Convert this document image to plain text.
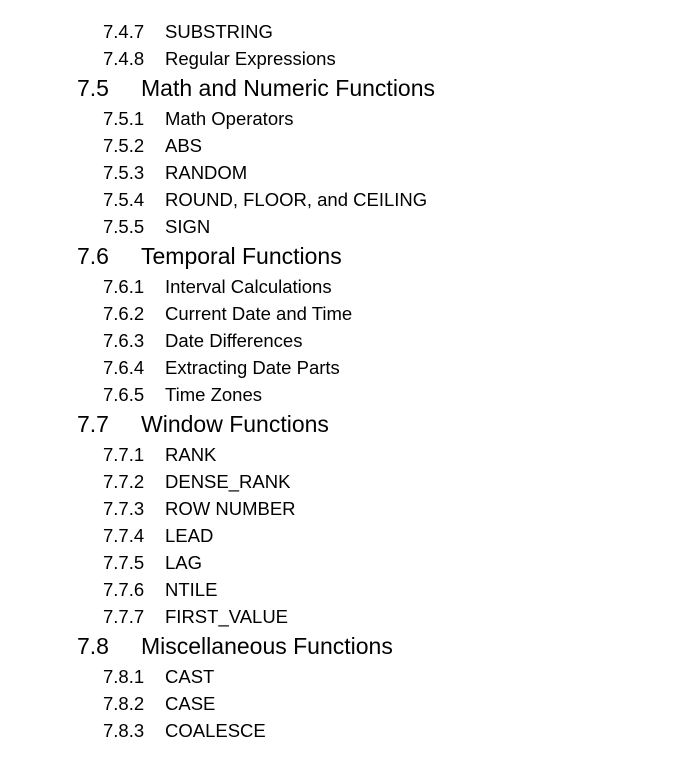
7.4.7	SUBSTRING
7.4.8	Regular Expressions
7.5	Math and Numeric Functions
7.5.1	Math Operators
7.5.2	ABS
7.5.3	RANDOM
7.5.4	ROUND, FLOOR, and CEILING
7.5.5	SIGN
7.6	Temporal Functions
7.6.1	Interval Calculations
7.6.2	Current Date and Time
7.6.3	Date Differences
7.6.4	Extracting Date Parts
7.6.5	Time Zones
7.7	Window Functions
7.7.1	RANK
7.7.2	DENSE_RANK
7.7.3	ROW NUMBER
7.7.4	LEAD
7.7.5	LAG
7.7.6	NTILE
7.7.7	FIRST_VALUE
7.8	Miscellaneous Functions
7.8.1	CAST
7.8.2	CASE
7.8.3	COALESCE
